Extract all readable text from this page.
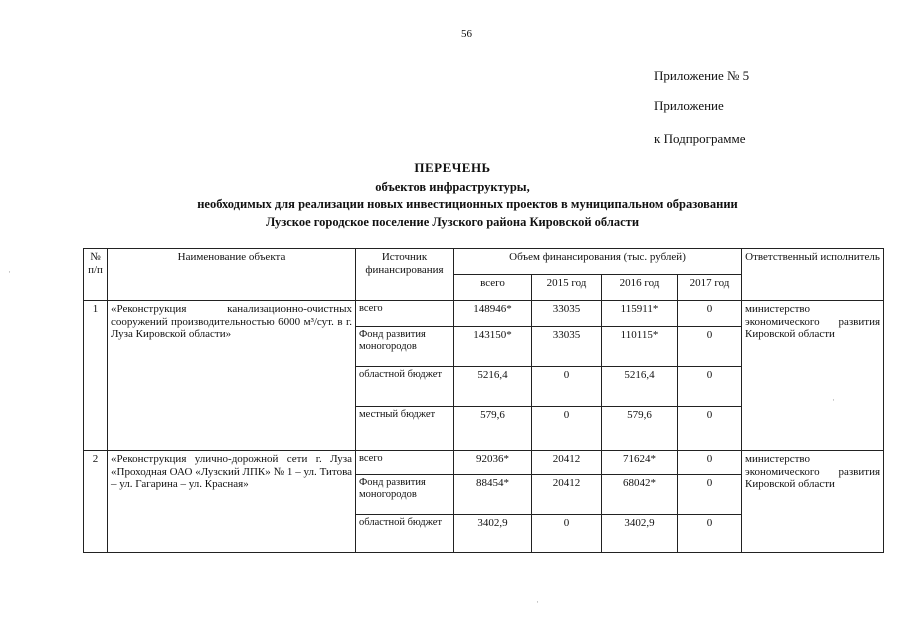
56
Приложение № 5
Приложение
к Подпрограмме
ПЕРЕЧЕНЬ
объектов инфраструктуры,
необходимых для реализации новых инвестиционных проектов в муниципальном образовании
Лузское городское поселение Лузского района Кировской области
·
·
·
№ п/п	Наименование объекта	Источник финансирования	Объем финансирования (тыс. рублей)				Ответственный исполнитель
			всего	2015 год	2016 год	2017 год	
1	«Реконструкция канализационно-очистных сооружений производительностью 6000 м³/сут. в г. Луза Кировской области»	всего	148946*	33035	115911*	0	министерство экономического развития Кировской области
		Фонд развития моногородов	143150*	33035	110115*	0	
		областной бюджет	5216,4	0	5216,4	0	
		местный бюджет	579,6	0	579,6	0	
2	«Реконструкция улично-дорожной сети г. Луза «Проходная ОАО «Лузский ЛПК» № 1 – ул. Титова – ул. Гагарина – ул. Красная»	всего	92036*	20412	71624*	0	министерство экономического развития Кировской области
		Фонд развития моногородов	88454*	20412	68042*	0	
		областной бюджет	3402,9	0	3402,9	0	
